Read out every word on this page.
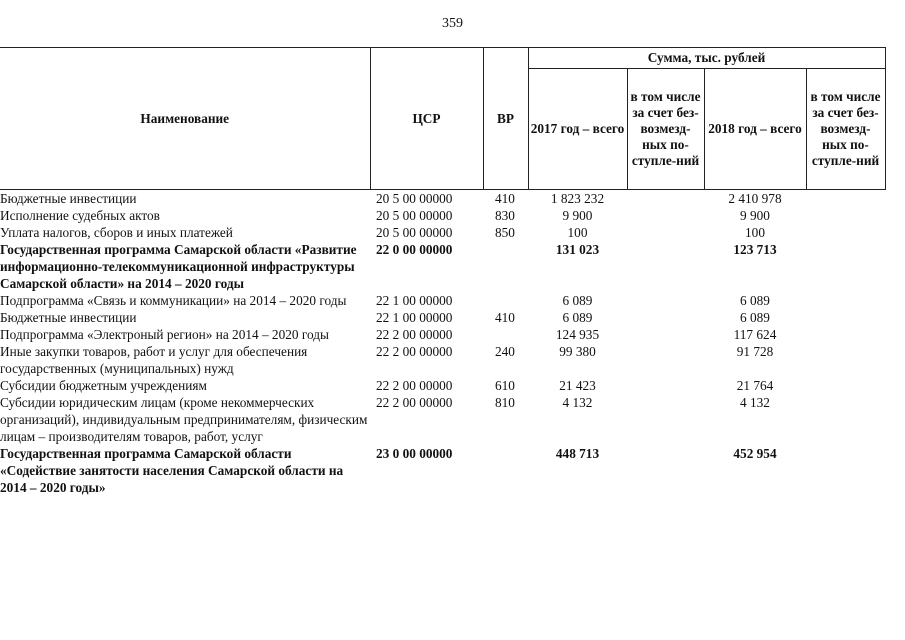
359
Наименование	ЦСР	ВР	Сумма, тыс. рублей			
			2017 год – всего	в том числе за счет без-возмезд-ных по-ступле-ний	2018 год – всего	в том числе за счет без-возмезд-ных по-ступле-ний
Бюджетные инвестиции	20 5 00 00000	410	1 823 232		2 410 978	
Исполнение судебных актов	20 5 00 00000	830	9 900		9 900	
Уплата налогов, сборов и иных платежей	20 5 00 00000	850	100		100	
Государственная программа Самарской области «Развитие информационно-телекоммуникационной инфраструктуры Самарской области» на 2014 – 2020 годы	22 0 00 00000		131 023		123 713	
Подпрограмма «Связь и коммуникации» на 2014 – 2020 годы	22 1 00 00000		6 089		6 089	
Бюджетные инвестиции	22 1 00 00000	410	6 089		6 089	
Подпрограмма «Электроный регион» на 2014 – 2020 годы	22 2 00 00000		124 935		117 624	
Иные закупки товаров, работ и услуг для обеспечения государственных (муниципальных) нужд	22 2 00 00000	240	99 380		91 728	
Субсидии бюджетным учреждениям	22 2 00 00000	610	21 423		21 764	
Субсидии юридическим лицам (кроме некоммерческих организаций), индивидуальным предпринимателям, физическим лицам – производителям товаров, работ, услуг	22 2 00 00000	810	4 132		4 132	
Государственная программа Самарской области «Содействие занятости населения Самарской области на 2014 – 2020 годы»	23 0 00 00000		448 713		452 954	
